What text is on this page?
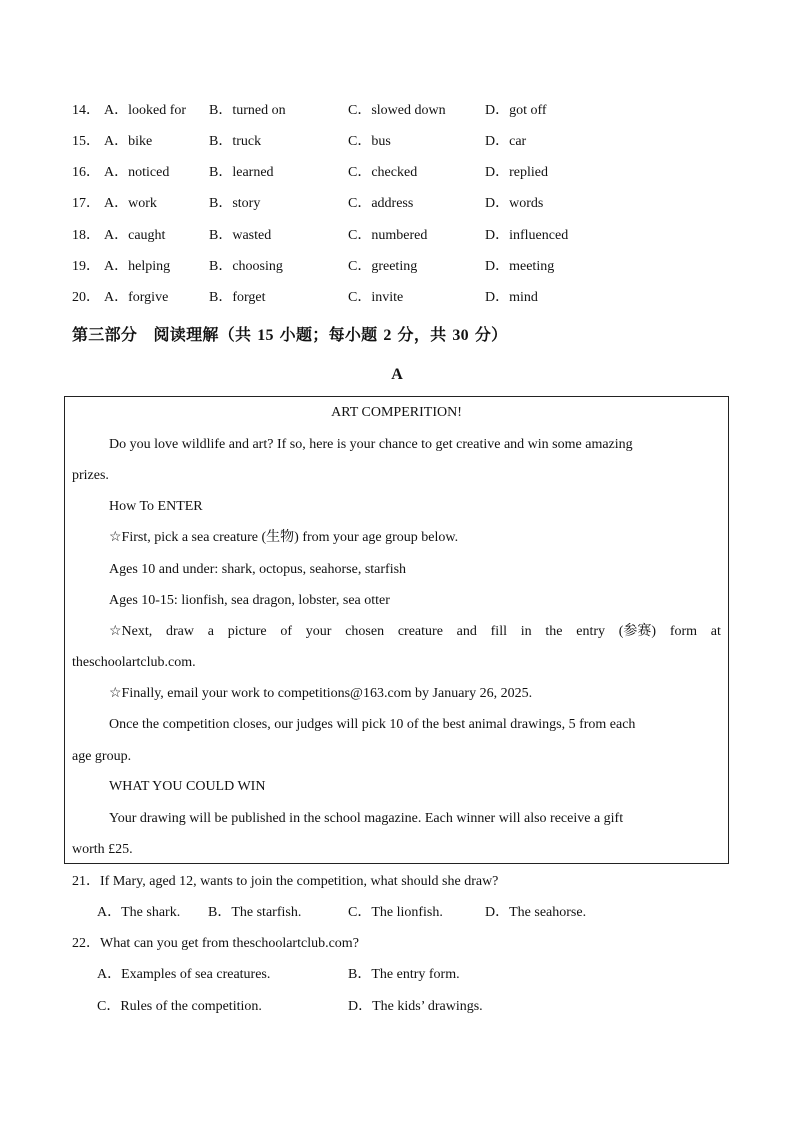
14． A．looked for B．turned on	C．slowed down	D．got off
15． A．bike	B．truck	C．bus	D．car
16． A．noticed	B．learned	C．checked	D．replied
17． A．work	B．story	C．address	D．words
18． A．caught	B．wasted	C．numbered	D．influenced
19． A．helping	B．choosing	C．greeting	D．meeting
20． A．forgive	B．forget	C．invite	D．mind
第三部分　阅读理解（共 15 小题；每小题 2 分，共 30 分）
A
ART COMPERITION!
Do you love wildlife and art? If so, here is your chance to get creative and win some amazing
prizes.
How To ENTER
☆First, pick a sea creature (生物) from your age group below.
Ages 10 and under: shark, octopus, seahorse, starfish
Ages 10-15: lionfish, sea dragon, lobster, sea otter
☆Next, draw a picture of your chosen creature and fill in the entry (参赛) form at
theschoolartclub.com.
☆Finally, email your work to competitions@163.com by January 26, 2025.
Once the competition closes, our judges will pick 10 of the best animal drawings, 5 from each
age group.
WHAT YOU COULD WIN
Your drawing will be published in the school magazine. Each winner will also receive a gift
worth £25.
21．If Mary, aged 12, wants to join the competition, what should she draw?
A．The shark. B．The starfish.	C．The lionfish.	D．The seahorse.
22．What can you get from theschoolartclub.com?
A．Examples of sea creatures.	B．The entry form.
C．Rules of the competition.	D．The kids’ drawings.
